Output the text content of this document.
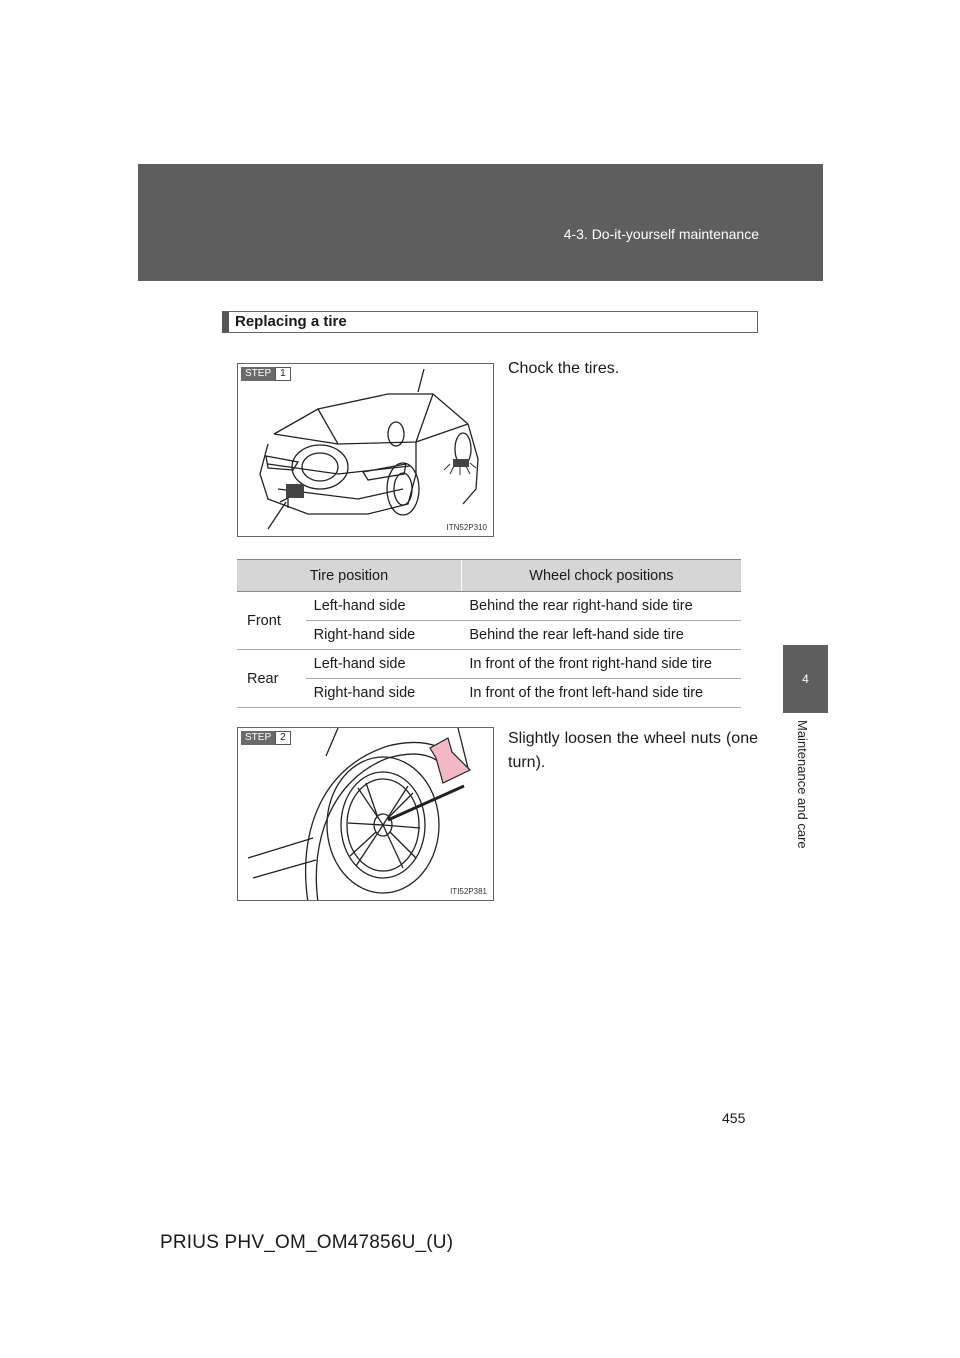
4-3. Do-it-yourself maintenance
4
Maintenance and care
Replacing a tire
STEP 1
ITN52P310
Chock the tires.
Tire position		Wheel chock positions
Front	Left-hand side	Behind the rear right-hand side tire
	Right-hand side	Behind the rear left-hand side tire
Rear	Left-hand side	In front of the front right-hand side tire
	Right-hand side	In front of the front left-hand side tire
STEP 2
ITI52P381
Slightly loosen the wheel nuts (one turn).
455
PRIUS PHV_OM_OM47856U_(U)
